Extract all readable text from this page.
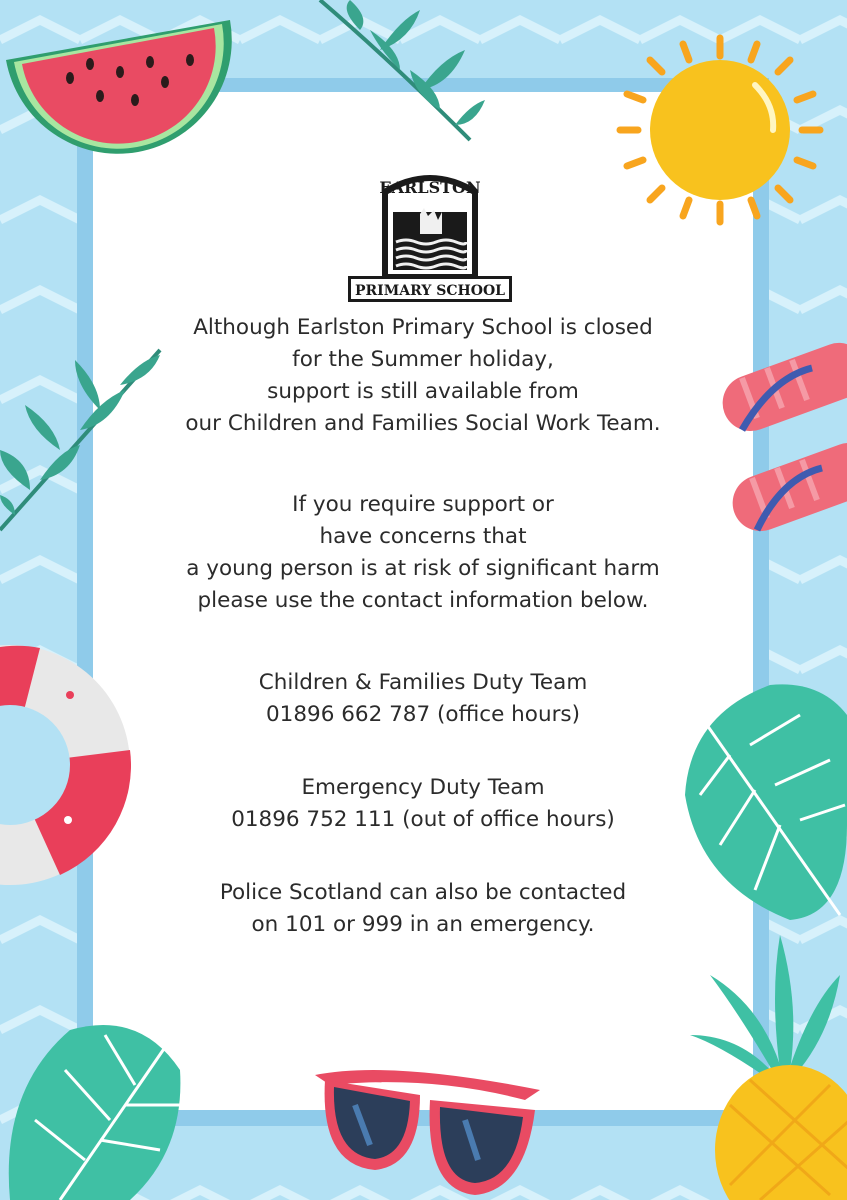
EARLSTON
PRIMARY SCHOOL
Although Earlston Primary School is closed
for the Summer holiday,
support is still available from
our Children and Families Social Work Team.
If you require support or
have concerns that
a young person is at risk of significant harm
please use the contact information below.
Children & Families Duty Team
01896 662 787 (office hours)
Emergency Duty Team
01896 752 111 (out of office hours)
Police Scotland can also be contacted
on 101 or 999 in an emergency.
